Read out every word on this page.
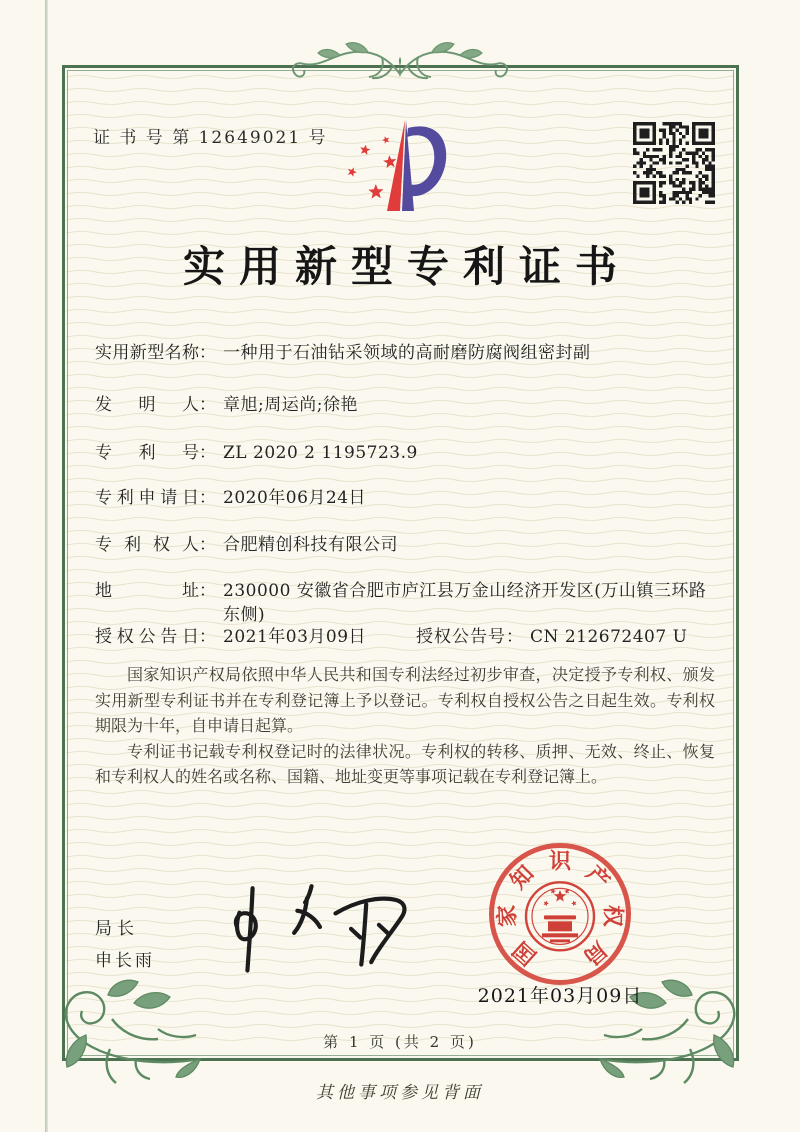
证 书 号 第 12649021 号
实用新型专利证书
实用新型名称 ： 一种用于石油钻采领域的高耐磨防腐阀组密封副
发明人 ： 章旭;周运尚;徐艳
专利号 ： ZL 2020 2 1195723.9
专利申请日 ： 2020年06月24日
专利权人 ： 合肥精创科技有限公司
地址 ： 230000 安徽省合肥市庐江县万金山经济开发区(万山镇三环路东侧)
授权公告日 ： 2021年03月09日	授权公告号 ： CN 212672407 U

国家知识产权局依照中华人民共和国专利法经过初步审查，决定授予专利权、颁发实用新型专利证书并在专利登记簿上予以登记。专利权自授权公告之日起生效。专利权期限为十年，自申请日起算。

专利证书记载专利权登记时的法律状况。专利权的转移、质押、无效、终止、恢复和专利权人的姓名或名称、国籍、地址变更等事项记载在专利登记簿上。

局长
申长雨	国
家
知 识 产
权
局
2021年03月09日
第 1 页 (共 2 页)
其他事项参见背面
